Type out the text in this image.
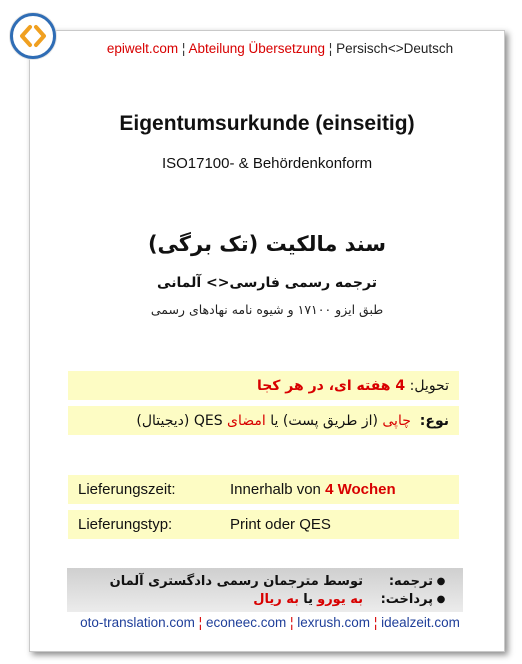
epiwelt.com ¦ Abteilung Übersetzung ¦ Persisch<>Deutsch
Eigentumsurkunde (einseitig)
ISO17100- & Behördenkonform
سند مالکیت (تک برگی)
ترجمه رسمی فارسی<> آلمانی
طبق ایزو ۱۷۱۰۰ و شیوه نامه نهادهای رسمی
تحویل:

4 هفته ای، در هر کجا
نوع:

چاپی

(از طریق پست)

یا

امضای

QES (دیجیتال)
Lieferungszeit:	Innerhalb von
4 Wochen
Lieferungstyp:	Print oder QES
●
ترجمه:
توسط مترجمان رسمی دادگستری آلمان
●
پرداخت:
به یورو

یا

به ریال
oto-translation.com ¦ econeec.com ¦ lexrush.com ¦ idealzeit.com
